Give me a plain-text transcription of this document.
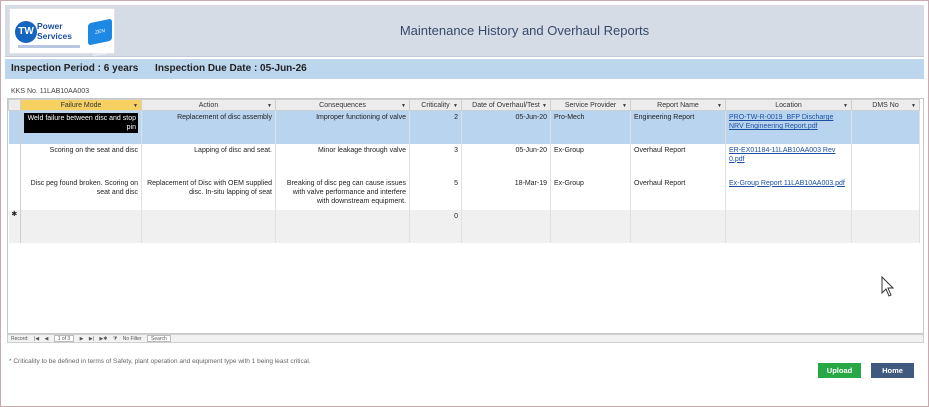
TW Power
Services	ZEN Group
Maintenance History and Overhaul Reports
Inspection Period : 6 years Inspection Due Date : 05-Jun-26
KKS No. 11LAB10AA003
	Failure Mode ▼	Action ▼	Consequences ▼	Criticality ▼	Date of Overhaul/Test ▼	Service Provider ▼	Report Name ▼	Location ▼	DMS No ▼

	Weld failure between disc and stop pin	Replacement of disc assembly	Improper functioning of valve	2	05-Jun-20	Pro-Mech	Engineering Report	PRO-TW-R-0019_BFP Discharge NRV Engineering Report.pdf	
	Scoring on the seat and disc	Lapping of disc and seat.	Minor leakage through valve	3	05-Jun-20	Ex-Group	Overhaul Report	ER-EX01184-11LAB10AA003 Rev 0.pdf	
	Disc peg found broken. Scoring on seat and disc	Replacement of Disc with OEM supplied disc. In-situ lapping of seat	Breaking of disc peg can cause issues with valve performance and interfere with downstream equipment.	5	18-Mar-19	Ex-Group	Overhaul Report	Ex-Group Report 11LAB10AA003.pdf	
✱				0					
Record: |◀ ◀ 1 of 3 ▶ ▶| ▶✱ ⧩ No Filter Search
* Criticality to be defined in terms of Safety, plant operation and equipment type with 1 being least critical.
Upload	Home
